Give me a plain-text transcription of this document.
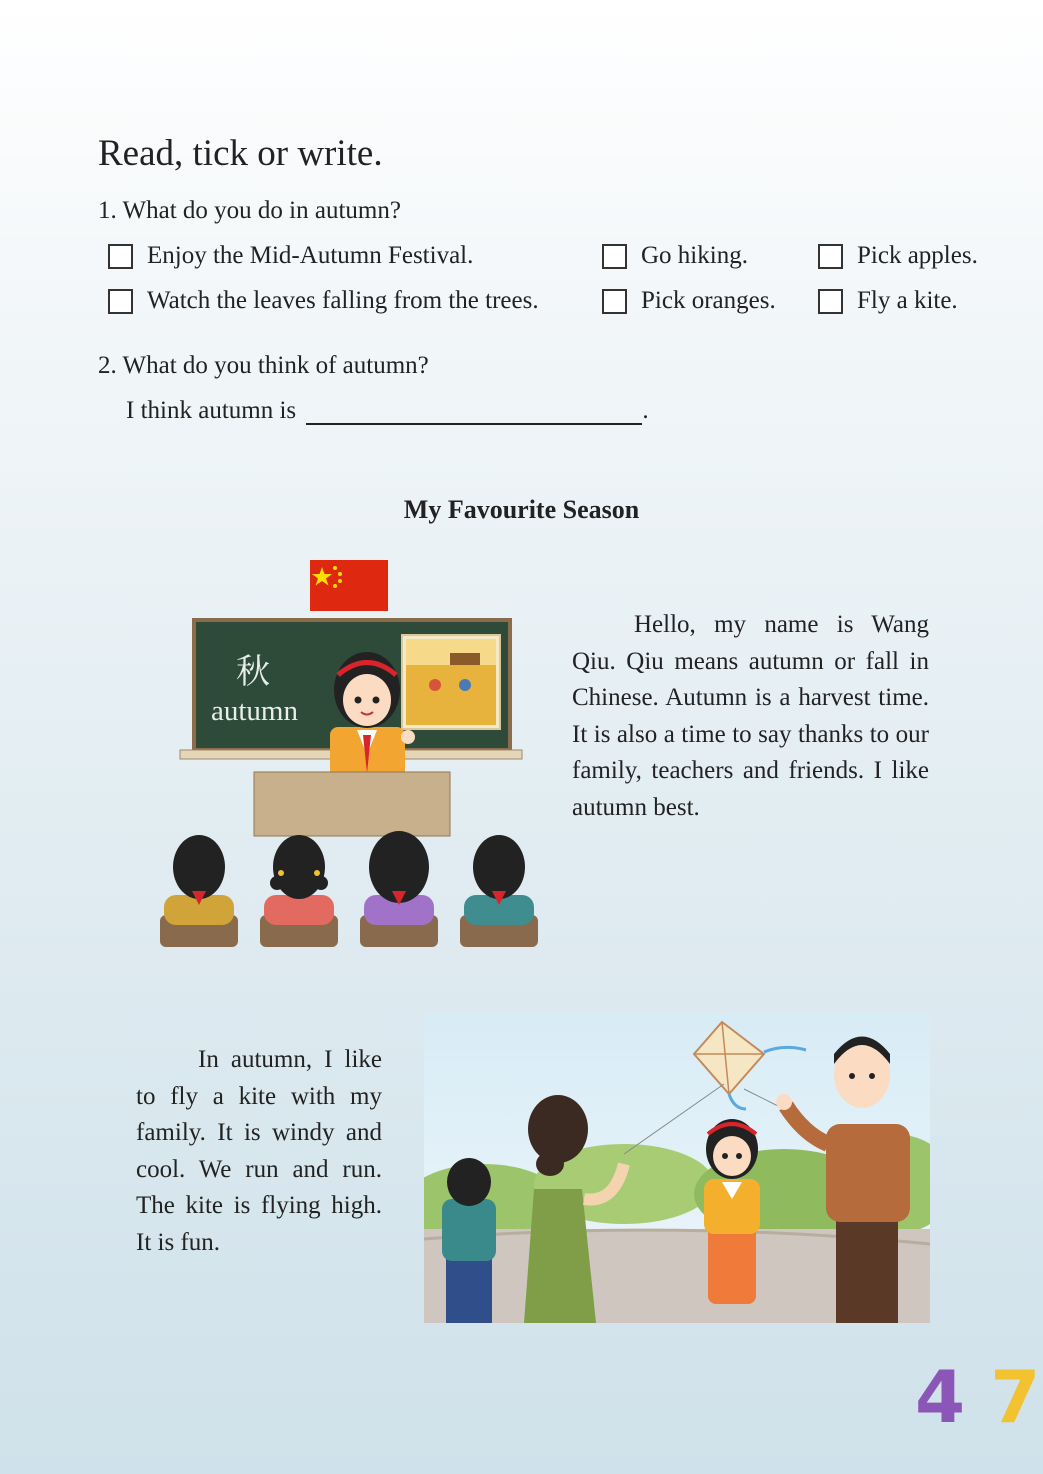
Read, tick or write.
1. What do you do in autumn?
Enjoy the Mid-Autumn Festival.	Go hiking.	Pick apples.
Watch the leaves falling from the trees.	Pick oranges.	Fly a kite.
2. What do you think of autumn?
I think autumn is	.
My Favourite Season
秋
autumn

Hello, my name is Wang Qiu. Qiu means autumn or fall in Chinese. Autumn is a harvest time. It is also a time to say thanks to our family, teachers and friends. I like autumn best.

In autumn, I like to fly a kite with my family. It is windy and cool. We run and run. The kite is flying high. It is fun.

4 7
